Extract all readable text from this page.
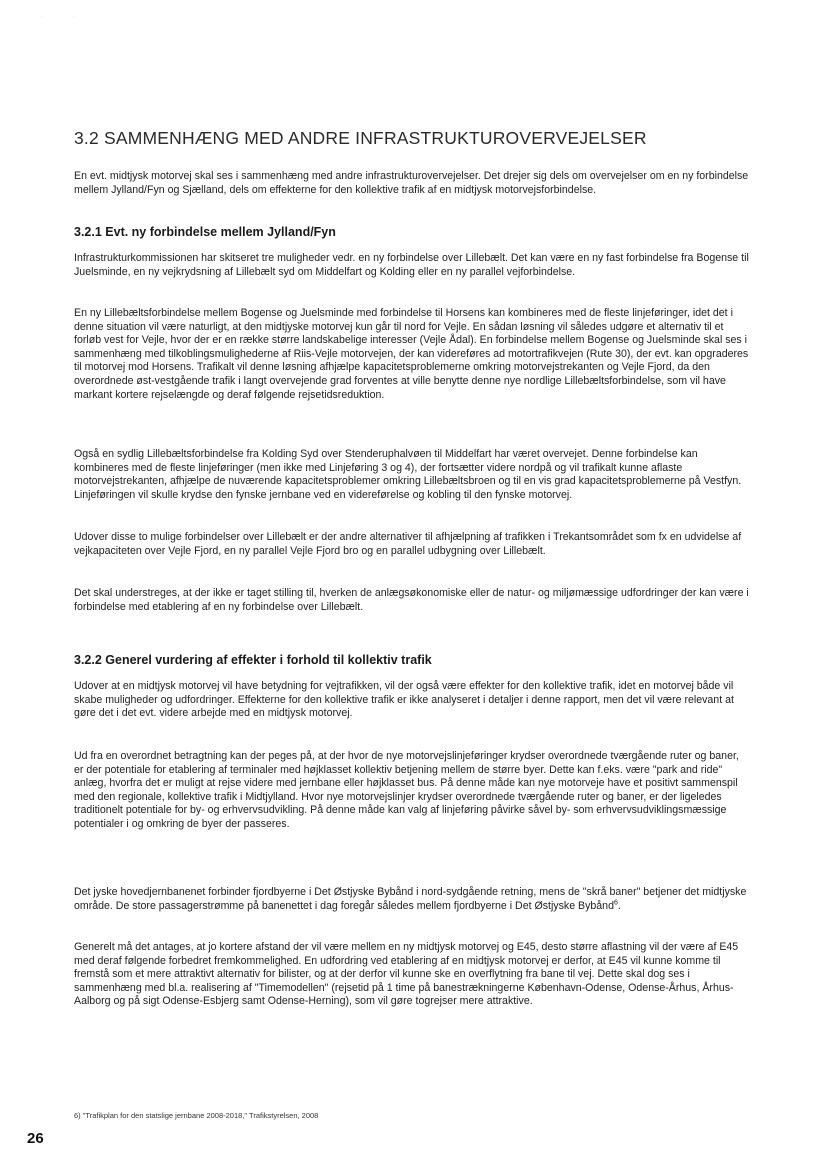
·	·
3.2 SAMMENHÆNG MED ANDRE INFRASTRUKTUROVERVEJELSER

En evt. midtjysk motorvej skal ses i sammenhæng med andre infrastrukturovervejelser. Det drejer sig dels om overvejelser om en ny forbindelse mellem Jylland/Fyn og Sjælland, dels om effekterne for den kollektive trafik af en midtjysk motorvejsforbindelse.

3.2.1 Evt. ny forbindelse mellem Jylland/Fyn

Infrastrukturkommissionen har skitseret tre muligheder vedr. en ny forbindelse over Lillebælt. Det kan være en ny fast forbindelse fra Bogense til Juelsminde, en ny vejkrydsning af Lillebælt syd om Middelfart og Kolding eller en ny parallel vejforbindelse.

En ny Lillebæltsforbindelse mellem Bogense og Juelsminde med forbindelse til Horsens kan kombineres med de fleste linjeføringer, idet det i denne situation vil være naturligt, at den midtjyske motorvej kun går til nord for Vejle. En sådan løsning vil således udgøre et alternativ til et forløb vest for Vejle, hvor der er en række større landskabelige interesser (Vejle Ådal). En forbindelse mellem Bogense og Juelsminde skal ses i sammenhæng med tilkoblingsmulighederne af Riis-Vejle motorvejen, der kan videreføres ad motortrafikvejen (Rute 30), der evt. kan opgraderes til motorvej mod Horsens. Trafikalt vil denne løsning afhjælpe kapacitetsproblemerne omkring motorvejstrekanten og Vejle Fjord, da den overordnede øst-vestgående trafik i langt overvejende grad forventes at ville benytte denne nye nordlige Lillebæltsforbindelse, som vil have markant kortere rejselængde og deraf følgende rejsetidsreduktion.

Også en sydlig Lillebæltsforbindelse fra Kolding Syd over Stenderuphalvøen til Middelfart har været overvejet. Denne forbindelse kan kombineres med de fleste linjeføringer (men ikke med Linjeføring 3 og 4), der fortsætter videre nordpå og vil trafikalt kunne aflaste motorvejstrekanten, afhjælpe de nuværende kapacitetsproblemer omkring Lillebæltsbroen og til en vis grad kapacitetsproblemerne på Vestfyn. Linjeføringen vil skulle krydse den fynske jernbane ved en videreførelse og kobling til den fynske motorvej.

Udover disse to mulige forbindelser over Lillebælt er der andre alternativer til afhjælpning af trafikken i Trekantsområdet som fx en udvidelse af vejkapaciteten over Vejle Fjord, en ny parallel Vejle Fjord bro og en parallel udbygning over Lillebælt.

Det skal understreges, at der ikke er taget stilling til, hverken de anlægsøkonomiske eller de natur- og miljømæssige udfordringer der kan være i forbindelse med etablering af en ny forbindelse over Lillebælt.

3.2.2 Generel vurdering af effekter i forhold til kollektiv trafik

Udover at en midtjysk motorvej vil have betydning for vejtrafikken, vil der også være effekter for den kollektive trafik, idet en motorvej både vil skabe muligheder og udfordringer. Effekterne for den kollektive trafik er ikke analyseret i detaljer i denne rapport, men det vil være relevant at gøre det i det evt. videre arbejde med en midtjysk motorvej.

Ud fra en overordnet betragtning kan der peges på, at der hvor de nye motorvejslinjeføringer krydser overordnede tværgående ruter og baner, er der potentiale for etablering af terminaler med højklasset kollektiv betjening mellem de større byer. Dette kan f.eks. være "park and ride" anlæg, hvorfra det er muligt at rejse videre med jernbane eller højklasset bus. På denne måde kan nye motorveje have et positivt sammenspil med den regionale, kollektive trafik i Midtjylland. Hvor nye motorvejslinjer krydser overordnede tværgående ruter og baner, er der ligeledes traditionelt potentiale for by- og erhvervsudvikling. På denne måde kan valg af linjeføring påvirke såvel by- som erhvervsudviklingsmæssige potentialer i og omkring de byer der passeres.

Det jyske hovedjernbanenet forbinder fjordbyerne i Det Østjyske Bybånd i nord-sydgående retning, mens de "skrå baner" betjener det midtjyske område. De store passagerstrømme på banenettet i dag foregår således mellem fjordbyerne i Det Østjyske Bybånd$^6$.

Generelt må det antages, at jo kortere afstand der vil være mellem en ny midtjysk motorvej og E45, desto større aflastning vil der være af E45 med deraf følgende forbedret fremkommelighed. En udfordring ved etablering af en midtjysk motorvej er derfor, at E45 vil kunne komme til fremstå som et mere attraktivt alternativ for bilister, og at der derfor vil kunne ske en overflytning fra bane til vej. Dette skal dog ses i sammenhæng med bl.a. realisering af "Timemodellen" (rejsetid på 1 time på banestrækningerne København-Odense, Odense-Århus, Århus-Aalborg og på sigt Odense-Esbjerg samt Odense-Herning), som vil gøre togrejser mere attraktive.

6) "Trafikplan for den statslige jernbane 2008-2018," Trafikstyrelsen, 2008

26
